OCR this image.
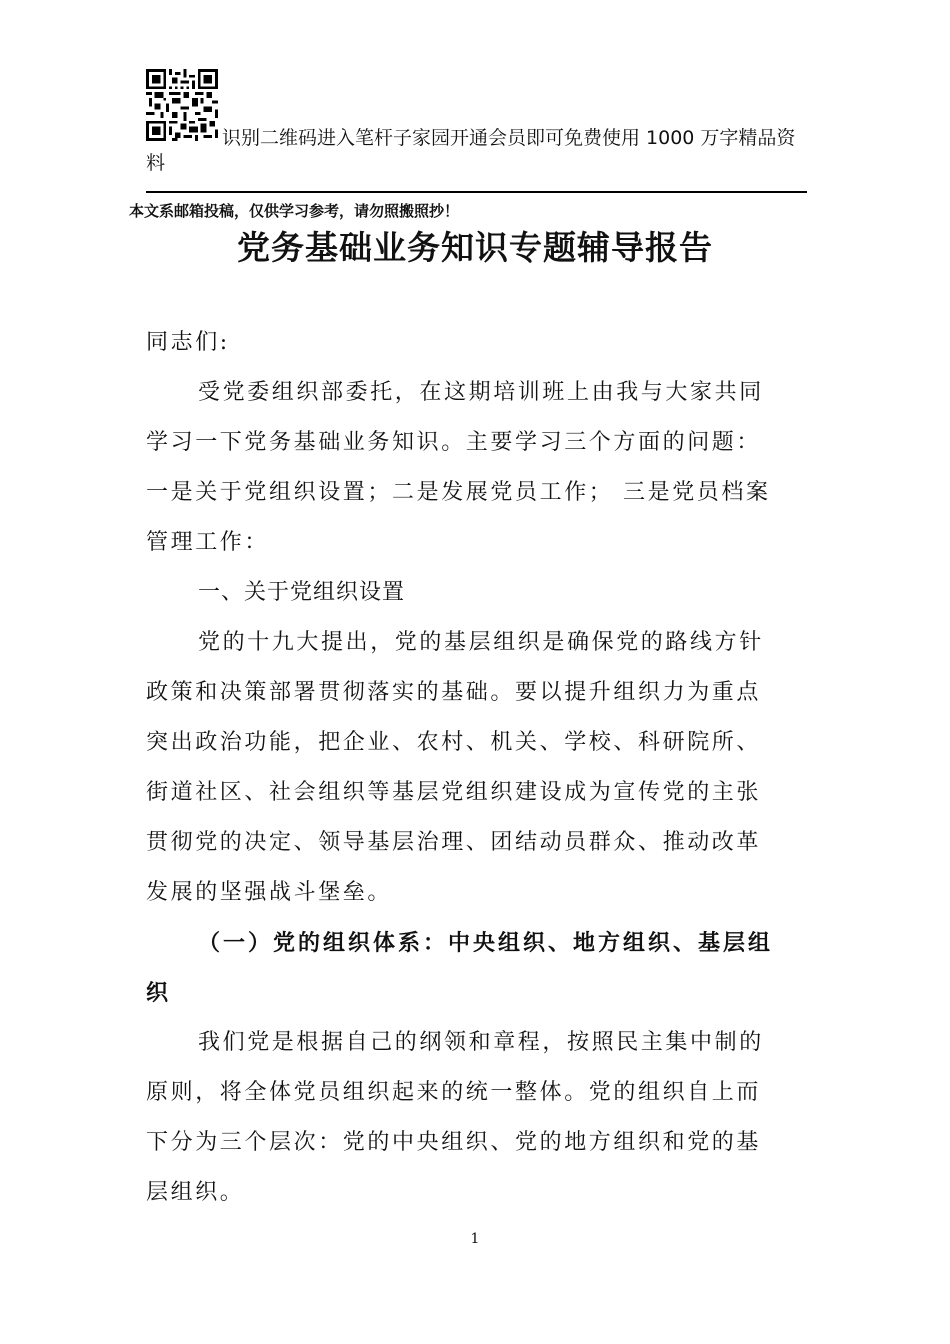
识别二维码进入笔杆子家园开通会员即可免费使用 1000 万字精品资
料
本文系邮箱投稿，仅供学习参考，请勿照搬照抄！
党务基础业务知识专题辅导报告

同志们:

受党委组织部委托，在这期培训班上由我与大家共同
学习一下党务基础业务知识。主要学习三个方面的问题：
一是关于党组织设置；二是发展党员工作； 三是党员档案
管理工作：

一、关于党组织设置

党的十九大提出，党的基层组织是确保党的路线方针
政策和决策部署贯彻落实的基础。要以提升组织力为重点
突出政治功能，把企业、农村、机关、学校、科研院所、
街道社区、社会组织等基层党组织建设成为宣传党的主张
贯彻党的决定、领导基层治理、团结动员群众、推动改革
发展的坚强战斗堡垒。

（一）党的组织体系：中央组织、地方组织、基层组
织

我们党是根据自己的纲领和章程，按照民主集中制的
原则，将全体党员组织起来的统一整体。党的组织自上而
下分为三个层次：党的中央组织、党的地方组织和党的基
层组织。

1
